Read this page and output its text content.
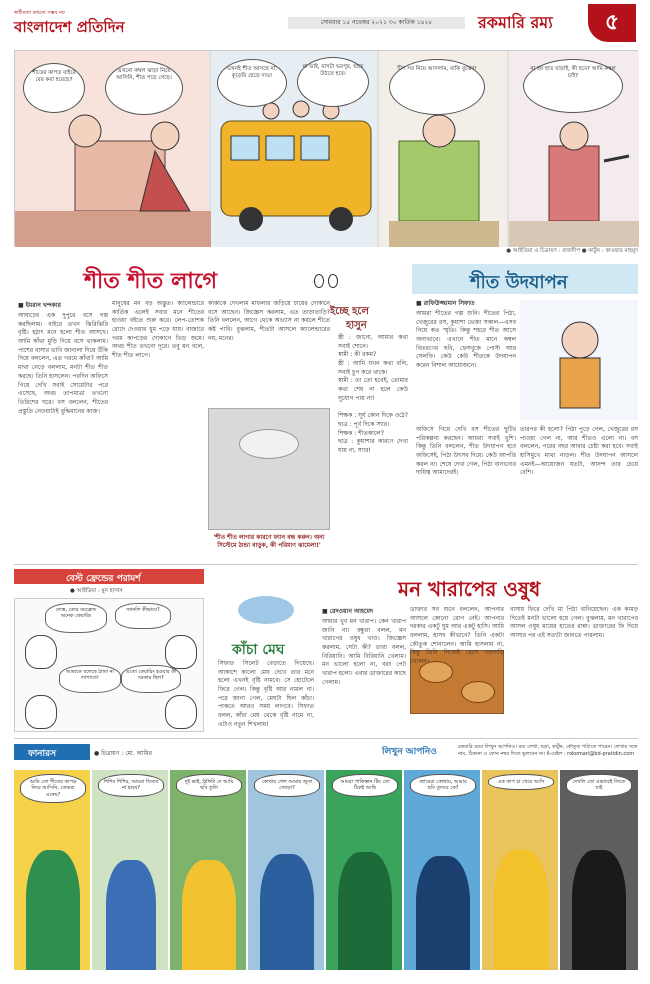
স্বাধীনতা কখনো সম্ভব নয়
বাংলাদেশ প্রতিদিন	সোমবার ১৫ নভেম্বর ২০২১ ৩০ কার্তিক ১৪২৮	রকমারি রম্য	৫
শীতের কাপড় বাইরে বের করা হয়েছে?
এখনো কম্বল ঝাড়া নিয়ে আসিনি, শীত পড়ে গেছে।
এখনই শীত আসছে না, কুড়েমি ছেড়ে দাও!
না ভাই, বাসটা ভরপুর, ছাদে উঠতে হবে।
টিপ সব নিয়ে আসলাম, বাকি বুঝেন!	না হয় হাত বাড়াই, কী হবে? আমি কম্বল চাই?
● আইডিয়া ও চিত্রায়ণ : রাজদীপ ● কার্টুন : কাওছার মাহমুদ
শীত শীত লাগে
■ ইমরান খন্দকার
আষাঢ়ের এক দুপুরে বসে গল্প করছিলাম। বাইরে তখন ঝিরিঝিরি বৃষ্টি। হঠাৎ মনে হলো শীত আসছে। আমি কাঁথা মুড়ি দিয়ে বসে থাকলাম। পাশের বাসার ভাবি জানালা দিয়ে উঁকি দিয়ে বললেন, এত গরমে কাঁথা? আমি মাথা নেড়ে বললাম, মনটা শীত শীত করছে। তিনি হাসলেন। পরদিন অফিসে গিয়ে দেখি সবাই সোয়েটার পরে এসেছে, অথচ তাপমাত্রা তখনো তিরিশের ঘরে। বস বললেন, শীতের প্রস্তুতি নেওয়াটাই বুদ্ধিমানের কাজ।
মানুষের মন বড় অদ্ভুত। ক্যালেন্ডারে কার্তিক এলেই সবার মনে শীতের হাওয়া বইতে শুরু করে। লেপ-তোশক রোদে দেওয়ার ধুম পড়ে যায়। বাজারে গরম কাপড়ের দোকানে ভিড় জমে। অথচ শীত তখনো দূরে। তবু মন বলে, শীত শীত লাগে।
কাকাকে দেখলাম মাফলার জড়িয়ে চায়ের দোকানে বসে আছেন। জিজ্ঞেস করলাম, এত তাড়াতাড়ি? তিনি বললেন, আগে থেকে অভ্যাস না করলে শীতে কষ্ট পাবি। বুঝলাম, শীতটা আসলে ক্যালেন্ডারের নয়, মনের।
'শীত শীত লাগার কারণে ফ্যান বন্ধ করুন। অন্য সিস্টেমে ঠান্ডা বাড়ুক, কী পরিমাণ ঝামেলা!'
ইচ্ছে হলে
হাসুন
স্ত্রী : জানো, আমার কথা সবাই শোনে।
স্বামী : কী রকম?
স্ত্রী : আমি যখন কথা বলি, সবাই চুপ করে থাকে।
স্বামী : তা তো হবেই, তোমার কথা শেষ না হলে কেউ সুযোগ পায় না!

শিক্ষক : সূর্য কোন দিকে ওঠে?
ছাত্র : পূর্ব দিকে স্যার।
শিক্ষক : শীতকালে?
ছাত্র : কুয়াশার কারণে দেখা যায় না, স্যার!
শীত উদযাপন
■ রাফিউজ্জামান সিফাত
আমরা শীতের গল্প শুনি। শীতের পিঠা, খেজুরের রস, কুয়াশা ভেজা সকাল—এসব নিয়ে কত স্মৃতি। কিন্তু শহরে শীত আসে অন্যভাবে। এখানে শীত মানে কম্বল বিতরণের ছবি, ফেসবুকে পোস্ট আর সেলফি। কেউ কেউ শীতকে উদযাপন করেন বিশাল আয়োজনে।
অফিসে গিয়ে দেখি বস শীতের ছুটির পরিকল্পনা করছেন। আমরা সবাই খুশি। কিন্তু তিনি বললেন, শীত উদযাপন হবে অফিসেই, পিঠা উৎসব দিয়ে। কেউ আপত্তি করল না। শেষে দেখা গেল, পিঠা বানানোর দায়িত্ব আমাদেরই।
তারপর কী হলো? পিঠা পুড়ে গেল, খেজুরের রস পাওয়া গেল না, আর শীতও এলো না। বস বললেন, পরের বছর আবার চেষ্টা করা হবে। সবাই হাসিমুখে মাথা নাড়ল। শীত উদযাপন আসলে এমনই—আয়োজন যতটা, আনন্দ তার চেয়ে বেশি।
বেস্ট ফ্রেন্ডের পরামর্শ
● আইডিয়া : মুন হাসান
দোস্ত, তোর বয়ফ্রেন্ড অনেক কেয়ারিং
জানলি কীভাবে?
আমাকে বলেছে ঠান্ডা না লাগাতে!
এতো কেয়ারিং হওয়ার কী দরকার ছিল?
কাঁচা মেঘ
সিফাত সিলেট বেড়াতে গিয়েছে। আকাশে কালো মেঘ দেখে তার মনে হলো এখনই বৃষ্টি নামবে। সে হোটেলে ফিরে গেল। কিন্তু বৃষ্টি আর নামল না। পরে জানা গেল, মেঘটা ছিল কাঁচা। পাকতে আরও সময় লাগবে। সিফাত বলল, কাঁচা মেঘ থেকে বৃষ্টি নামে না, এটাও নতুন শিখলাম!
মন খারাপের ওষুধ
■ রেদওয়ান আহমেদ
আমার খুব মন খারাপ। কেন খারাপ জানি না। বন্ধুরা বলল, মন খারাপের ওষুধ খাও। জিজ্ঞেস করলাম, সেটা কী? তারা বলল, বিরিয়ানি। আমি বিরিয়ানি খেলাম। মন ভালো হলো না, বরং পেট খারাপ হলো। এবার ডাক্তারের কাছে গেলাম।
ডাক্তার সব শুনে বললেন, আপনার আসলে কোনো রোগ নেই। আপনার দরকার একটু ঘুম আর একটু হাসি। আমি বললাম, হাসব কীভাবে? তিনি একটা কৌতুক শোনালেন। আমি হাসলাম না, কিন্তু তিনি নিজেই হেসে গড়াগড়ি খেলেন।
বাসায় ফিরে দেখি মা পিঠা বানিয়েছেন। এক কামড় দিতেই মনটা ভালো হয়ে গেল। বুঝলাম, মন খারাপের আসল ওষুধ মায়ের হাতের রান্না। ডাক্তারের ফি দিয়ে আসার পর এই সত্যটা জানতে পারলাম।
ফানারস	● চিত্রায়ণ : মো. আমির	লিখুন আপনিও	রকমারি রম্যে লিখুন আপনিও। রম্য লেখা, ছড়া, কার্টুন, কৌতুক পাঠাতে পারেন। লেখার সঙ্গে নাম, ঠিকানা ও ফোন নম্বর দিতে ভুলবেন না। ই-মেইল : rokomari@bd-pratidin.com
আমি তো শীতের কাপড় নিয়ে আসিনি, তোমরা এনেছ?
শিশির শিশির, আমরা জিতব না হারব?
দুই ভাই, ট্রফিটা দে আমি ছবি তুলি
কোথায় গেল আমার জুতা জোড়া?
আমরা পাকিস্তান টিম তো ঠিকই আছি
ক্যামেরা কোথায়, আমার ছবি তুলবে কে?
এক কাপ চা খেয়ে আসি	দেখলি তো এভাবেই জিতে যাই
